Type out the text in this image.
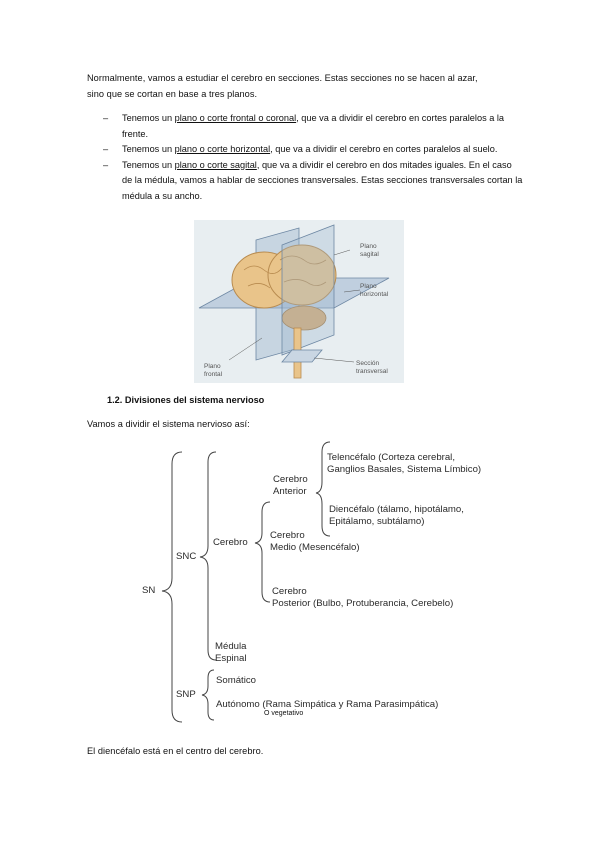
Normalmente, vamos a estudiar el cerebro en secciones. Estas secciones no se hacen al azar,
sino que se cortan en base a tres planos.
– Tenemos un plano o corte frontal o coronal, que va a dividir el cerebro en cortes paralelos a la frente.
– Tenemos un plano o corte horizontal, que va a dividir el cerebro en cortes paralelos al suelo.
– Tenemos un plano o corte sagital, que va a dividir el cerebro en dos mitades iguales. En el caso de la médula, vamos a hablar de secciones transversales. Estas secciones transversales cortan la médula a su ancho.
Plano
sagital
Plano
horizontal
Plano
frontal
Sección
transversal
1.2. Divisiones del sistema nervioso
Vamos a dividir el sistema nervioso así:
SN
SNC
SNP
Cerebro
Cerebro
Anterior
Telencéfalo (Corteza cerebral,
Ganglios Basales, Sistema Límbico)
Diencéfalo (tálamo, hipotálamo,
Epitálamo, subtálamo)
Cerebro
Medio (Mesencéfalo)
Cerebro
Posterior (Bulbo, Protuberancia, Cerebelo)
Médula
Espinal
Somático
Autónomo (Rama Simpática y Rama Parasimpática)
O vegetativo
El diencéfalo está en el centro del cerebro.
